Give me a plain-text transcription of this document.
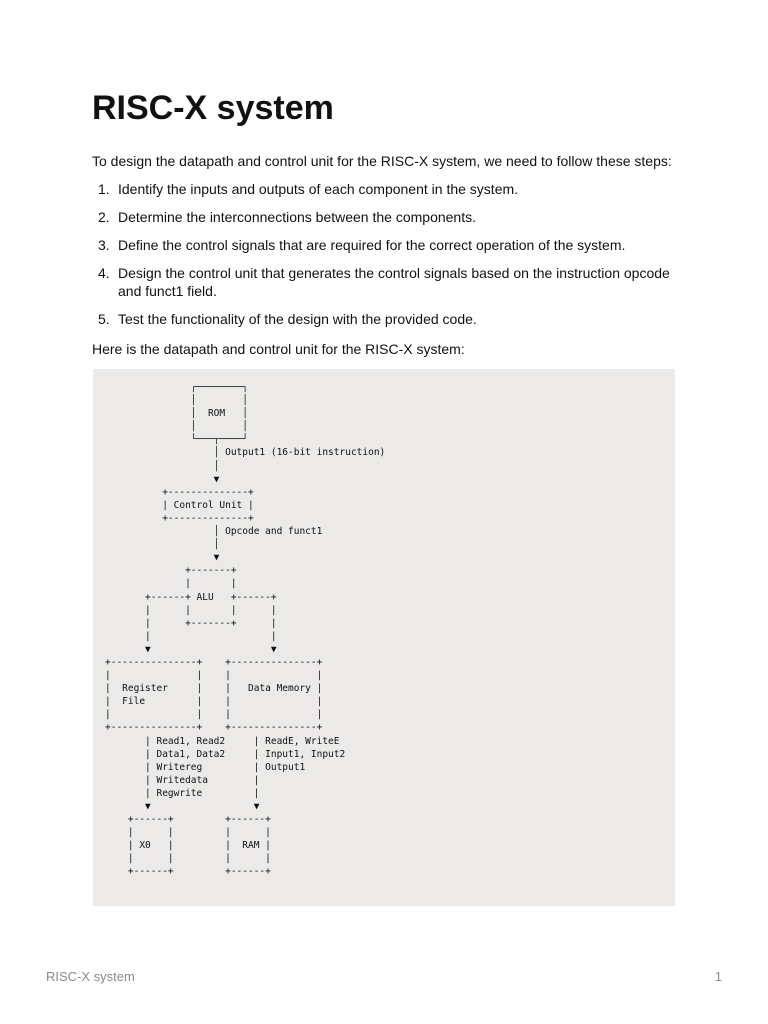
RISC-X system

To design the datapath and control unit for the RISC-X system, we need to follow these steps:

1. Identify the inputs and outputs of each component in the system.
2. Determine the interconnections between the components.
3. Define the control signals that are required for the correct operation of the system.
4. Design the control unit that generates the control signals based on the instruction opcode and funct1 field.
5. Test the functionality of the design with the provided code.

Here is the datapath and control unit for the RISC-X system:

┌────────┐
│        │
│  ROM   │
│        │
└───┬────┘
│ Output1 (16-bit instruction)
│
▼
+--------------+
| Control Unit |
+--------------+
│ Opcode and funct1
│
▼
+-------+
|       |
+------+ ALU   +------+
|      |       |      |
|      +-------+      |
|                     |
▼                     ▼
+---------------+    +---------------+
|               |    |               |
|  Register     |    |   Data Memory |
|  File         |    |               |
|               |    |               |
+---------------+    +---------------+
| Read1, Read2     | ReadE, WriteE
| Data1, Data2     | Input1, Input2
| Writereg         | Output1
| Writedata        |
| Regwrite         |
▼                  ▼
+------+         +------+
|      |         |      |
| X0   |         |  RAM |
|      |         |      |
+------+         +------+
RISC-X system	1
